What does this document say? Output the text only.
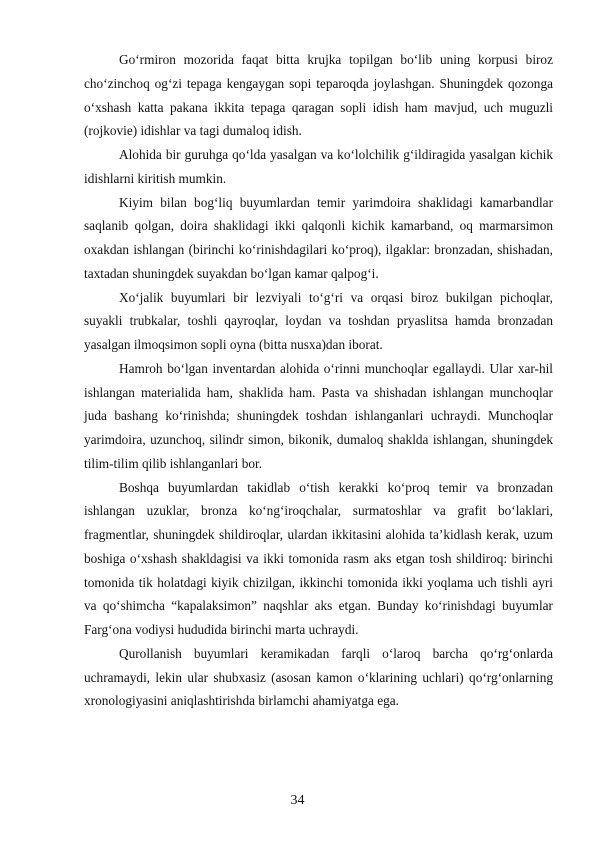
Go‘rmiron mozorida faqat bitta krujka topilgan bo‘lib uning korpusi biroz cho‘zinchoq og‘zi tepaga kengaygan sopi teparoqda joylashgan. Shuningdek qozonga o‘xshash katta pakana ikkita tepaga qaragan sopli idish ham mavjud, uch muguzli (rojkovie) idishlar va tagi dumaloq idish.

Alohida bir guruhga qo‘lda yasalgan va ko‘lolchilik g‘ildiragida yasalgan kichik idishlarni kiritish mumkin.

Kiyim bilan bog‘liq buyumlardan temir yarimdoira shaklidagi kamarbandlar saqlanib qolgan, doira shaklidagi ikki qalqonli kichik kamarband, oq marmarsimon oxakdan ishlangan (birinchi ko‘rinishdagilari ko‘proq), ilgaklar: bronzadan, shishadan, taxtadan shuningdek suyakdan bo‘lgan kamar qalpog‘i.

Xo‘jalik buyumlari bir lezviyali to‘g‘ri va orqasi biroz bukilgan pichoqlar, suyakli trubkalar, toshli qayroqlar, loydan va toshdan pryaslitsa hamda bronzadan yasalgan ilmoqsimon sopli oyna (bitta nusxa)dan iborat.

Hamroh bo‘lgan inventardan alohida o‘rinni munchoqlar egallaydi. Ular xar-hil ishlangan materialida ham, shaklida ham. Pasta va shishadan ishlangan munchoqlar juda bashang ko‘rinishda; shuningdek toshdan ishlanganlari uchraydi. Munchoqlar yarimdoira, uzunchoq, silindr simon, bikonik, dumaloq shaklda ishlangan, shuningdek tilim-tilim qilib ishlanganlari bor.

Boshqa buyumlardan takidlab o‘tish kerakki ko‘proq temir va bronzadan ishlangan uzuklar, bronza ko‘ng‘iroqchalar, surmatoshlar va grafit bo‘laklari, fragmentlar, shuningdek shildiroqlar, ulardan ikkitasini alohida ta’kidlash kerak, uzum boshiga o‘xshash shakldagisi va ikki tomonida rasm aks etgan tosh shildiroq: birinchi tomonida tik holatdagi kiyik chizilgan, ikkinchi tomonida ikki yoqlama uch tishli ayri va qo‘shimcha “kapalaksimon” naqshlar aks etgan. Bunday ko‘rinishdagi buyumlar Farg‘ona vodiysi hududida birinchi marta uchraydi.

Qurollanish buyumlari keramikadan farqli o‘laroq barcha qo‘rg‘onlarda uchramaydi, lekin ular shubxasiz (asosan kamon o‘klarining uchlari) qo‘rg‘onlarning xronologiyasini aniqlashtirishda birlamchi ahamiyatga ega.

34
